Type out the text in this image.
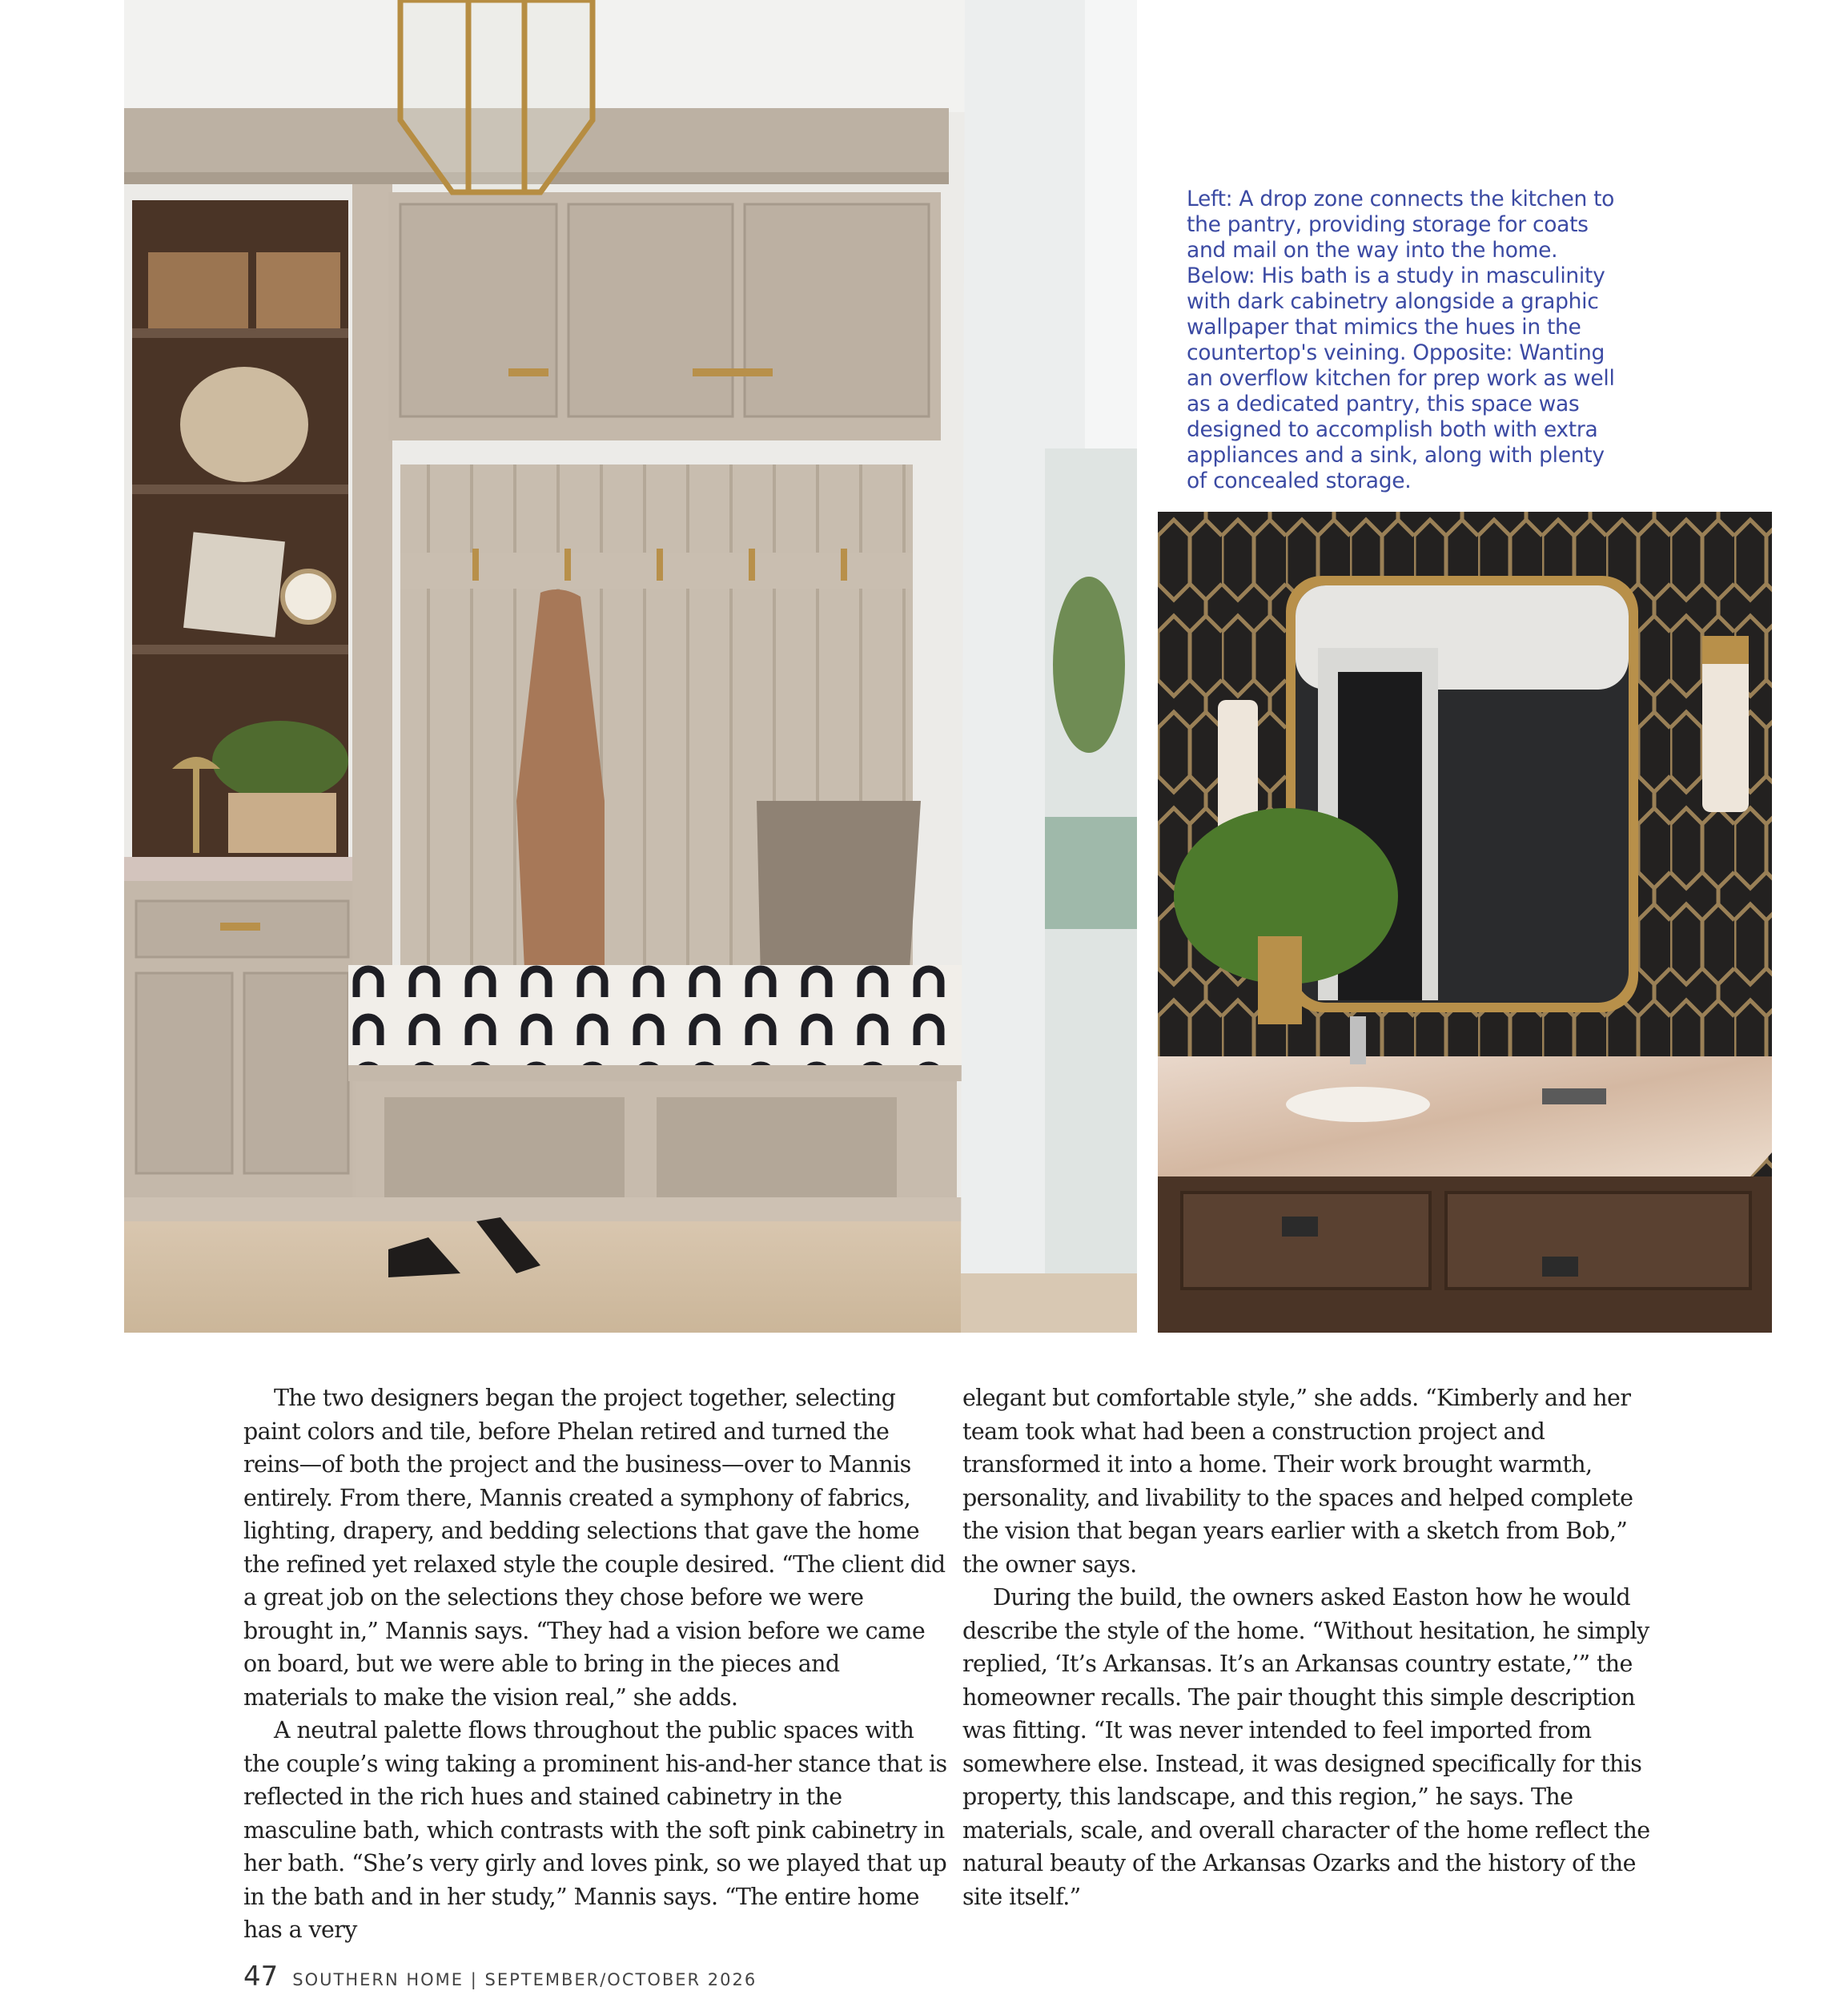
Left: A drop zone connects the kitchen to the pantry, providing storage for coats and mail on the way into the home. Below: His bath is a study in masculinity with dark cabinetry alongside a graphic wallpaper that mimics the hues in the countertop's veining. Opposite: Wanting an overflow kitchen for prep work as well as a dedicated pantry, this space was designed to accomplish both with extra appliances and a sink, along with plenty of concealed storage.

The two designers began the project together, selecting paint colors and tile, before Phelan retired and turned the reins—of both the project and the business—over to Mannis entirely. From there, Mannis created a symphony of fabrics, lighting, drapery, and bedding selections that gave the home the refined yet relaxed style the couple desired. “The client did a great job on the selections they chose before we were brought in,” Mannis says. “They had a vision before we came on board, but we were able to bring in the pieces and materials to make the vision real,” she adds.

A neutral palette flows throughout the public spaces with the couple’s wing taking a prominent his-and-her stance that is reflected in the rich hues and stained cabinetry in the masculine bath, which contrasts with the soft pink cabinetry in her bath. “She’s very girly and loves pink, so we played that up in the bath and in her study,” Mannis says. “The entire home has a very

elegant but comfortable style,” she adds. “Kimberly and her team took what had been a construction project and transformed it into a home. Their work brought warmth, personality, and livability to the spaces and helped complete the vision that began years earlier with a sketch from Bob,” the owner says.

During the build, the owners asked Easton how he would describe the style of the home. “Without hesitation, he simply replied, ‘It’s Arkansas. It’s an Arkansas country estate,’” the homeowner recalls. The pair thought this simple description was fitting. “It was never intended to feel imported from somewhere else. Instead, it was designed specifically for this property, this landscape, and this region,” he says. The materials, scale, and overall character of the home reflect the natural beauty of the Arkansas Ozarks and the history of the site itself.”

47 SOUTHERN HOME | SEPTEMBER/OCTOBER 2026
